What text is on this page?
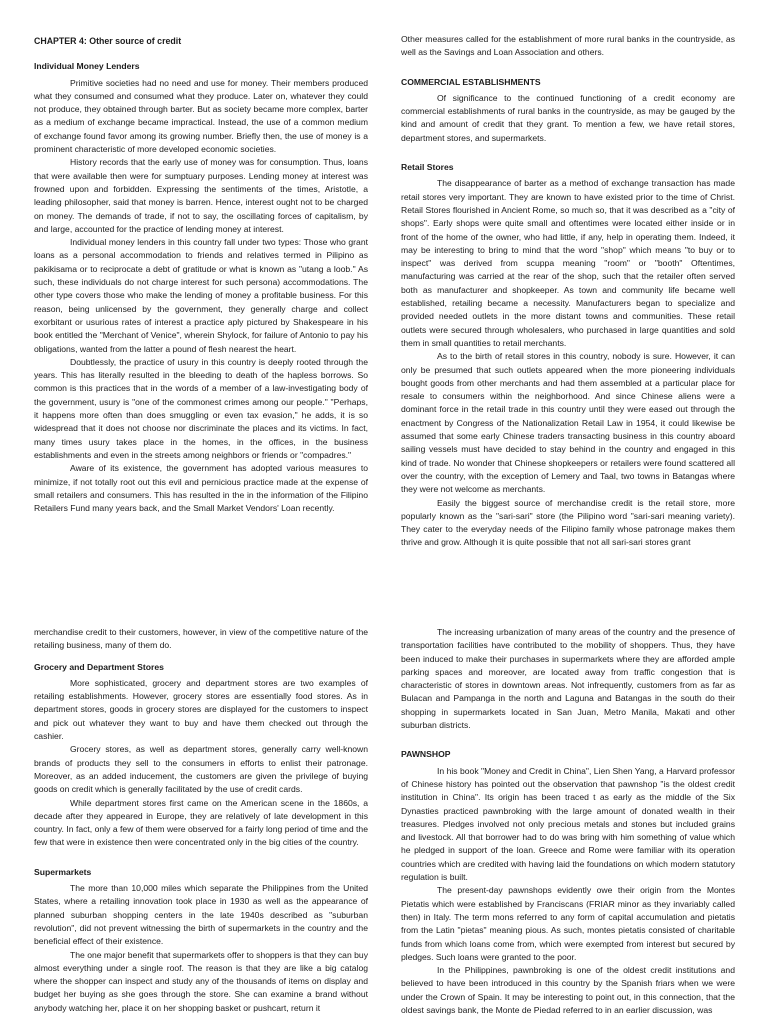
CHAPTER 4: Other source of credit
Individual Money Lenders

Primitive societies had no need and use for money. Their members produced what they consumed and consumed what they produce. Later on, whatever they could not produce, they obtained through barter. But as society became more complex, barter as a medium of exchange became impractical. Instead, the use of a common medium of exchange found favor among its growing number. Briefly then, the use of money is a prominent characteristic of more developed economic societies.

History records that the early use of money was for consumption. Thus, loans that were available then were for sumptuary purposes. Lending money at interest was frowned upon and forbidden. Expressing the sentiments of the times, Aristotle, a leading philosopher, said that money is barren. Hence, interest ought not to be charged on money. The demands of trade, if not to say, the oscillating forces of capitalism, by and large, accounted for the practice of lending money at interest.

Individual money lenders in this country fall under two types: Those who grant loans as a personal accommodation to friends and relatives termed in Pilipino as pakikisama or to reciprocate a debt of gratitude or what is known as "utang a loob." As such, these individuals do not charge interest for such persona) accommodations. The other type covers those who make the lending of money a profitable business. For this reason, being unlicensed by the government, they generally charge and collect exorbitant or usurious rates of interest a practice aply pictured by Shakespeare in his book entitled the "Merchant of Venice", wherein Shylock, for failure of Antonio to pay his obligations, wanted from the latter a pound of flesh nearest the heart.

Doubtlessly, the practice of usury in this country is deeply rooted through the years. This has literally resulted in the bleeding to death of the hapless borrows. So common is this practices that in the words of a member of a law-investigating body of the government, usury is "one of the commonest crimes among our people." "Perhaps, it happens more often than does smuggling or even tax evasion," he adds, it is so widespread that it does not choose nor discriminate the places and its victims. In fact, many times usury takes place in the homes, in the offices, in the business establishments and even in the streets among neighbors or friends or "compadres."

Aware of its existence, the government has adopted various measures to minimize, if not totally root out this evil and pernicious practice made at the expense of small retailers and consumers. This has resulted in the in the information of the Filipino Retailers Fund many years back, and the Small Market Vendors' Loan recently.

Other measures called for the establishment of more rural banks in the countryside, as well as the Savings and Loan Association and others.

COMMERCIAL ESTABLISHMENTS

Of significance to the continued functioning of a credit economy are commercial establishments of rural banks in the countryside, as may be gauged by the kind and amount of credit that they grant. To mention a few, we have retail stores, department stores, and supermarkets.

Retail Stores

The disappearance of barter as a method of exchange transaction has made retail stores very important. They are known to have existed prior to the time of Christ. Retail Stores flourished in Ancient Rome, so much so, that it was described as a "city of shops". Early shops were quite small and oftentimes were located either inside or in front of the home of the owner, who had little, if any, help in operating them. Indeed, it may be interesting to bring to mind that the word "shop" which means "to buy or to inspect" was derived from scuppa meaning "room" or "booth" Oftentimes, manufacturing was carried at the rear of the shop, such that the retailer often served both as manufacturer and shopkeeper. As town and community life became well established, retailing became a necessity. Manufacturers began to specialize and provided needed outlets in the more distant towns and communities. These retail outlets were secured through wholesalers, who purchased in large quantities and sold them in small quantities to retail merchants.

As to the birth of retail stores in this country, nobody is sure. However, it can only be presumed that such outlets appeared when the more pioneering individuals bought goods from other merchants and had them assembled at a particular place for resale to consumers within the neighborhood. And since Chinese aliens were a dominant force in the retail trade in this country until they were eased out through the enactment by Congress of the Nationalization Retail Law in 1954, it could likewise be assumed that some early Chinese traders transacting business in this country aboard sailing vessels must have decided to stay behind in the country and engaged in this kind of trade. No wonder that Chinese shopkeepers or retailers were found scattered all over the country, with the exception of Lemery and Taal, two towns in Batangas where they were not welcome as merchants.

Easily the biggest source of merchandise credit is the retail store, more popularly known as the "sari-sari" store (the Pilipino word "sari-sari meaning variety). They cater to the everyday needs of the Filipino family whose patronage makes them thrive and grow. Although it is quite possible that not all sari-sari stores grant

merchandise credit to their customers, however, in view of the competitive nature of the retailing business, many of them do.

Grocery and Department Stores

More sophisticated, grocery and department stores are two examples of retailing establishments. However, grocery stores are essentially food stores. As in department stores, goods in grocery stores are displayed for the customers to inspect and pick out whatever they want to buy and have them checked out through the cashier.

Grocery stores, as well as department stores, generally carry well-known brands of products they sell to the consumers in efforts to enlist their patronage. Moreover, as an added inducement, the customers are given the privilege of buying goods on credit which is generally facilitated by the use of credit cards.

While department stores first came on the American scene in the 1860s, a decade after they appeared in Europe, they are relatively of late development in this country. In fact, only a few of them were observed for a fairly long period of time and the few that were in existence then were concentrated only in the big cities of the country.

Supermarkets

The more than 10,000 miles which separate the Philippines from the United States, where a retailing innovation took place in 1930 as well as the appearance of planned suburban shopping centers in the late 1940s described as "suburban revolution", did not prevent witnessing the birth of supermarkets in the country and the beneficial effect of their existence.

The one major benefit that supermarkets offer to shoppers is that they can buy almost everything under a single roof. The reason is that they are like a big catalog where the shopper can inspect and study any of the thousands of items on display and budget her buying as she goes through the store. She can examine a brand without anybody watching her, place it on her shopping basket or pushcart, return it

The increasing urbanization of many areas of the country and the presence of transportation facilities have contributed to the mobility of shoppers. Thus, they have been induced to make their purchases in supermarkets where they are afforded ample parking spaces and moreover, are located away from traffic congestion that is characteristic of stores in downtown areas. Not infrequently, customers from as far as Bulacan and Pampanga in the north and Laguna and Batangas in the south do their shopping in supermarkets located in San Juan, Metro Manila, Makati and other suburban districts.

PAWNSHOP

In his book "Money and Credit in China", Lien Shen Yang, a Harvard professor of Chinese history has pointed out the observation that pawnshop "is the oldest credit institution in China". Its origin has been traced t as early as the middle of the Six Dynasties practiced pawnbroking with the large amount of donated wealth in their treasures. Pledges involved not only precious metals and stones but included grains and livestock. All that borrower had to do was bring with him something of value which he pledged in support of the loan. Greece and Rome were familiar with its operation countries which are credited with having laid the foundations on which modern statutory regulation is built.

The present-day pawnshops evidently owe their origin from the Montes Pietatis which were established by Franciscans (FRIAR minor as they invariably called then) in Italy. The term mons referred to any form of capital accumulation and pietatis from the Latin "pietas" meaning pious. As such, montes pietatis consisted of charitable funds from which loans come from, which were exempted from interest but secured by pledges. Such loans were granted to the poor.

In the Philippines, pawnbroking is one of the oldest credit institutions and believed to have been introduced in this country by the Spanish friars when we were under the Crown of Spain. It may be interesting to point out, in this connection, that the oldest savings bank, the Monte de Piedad referred to in an earlier discussion, was
